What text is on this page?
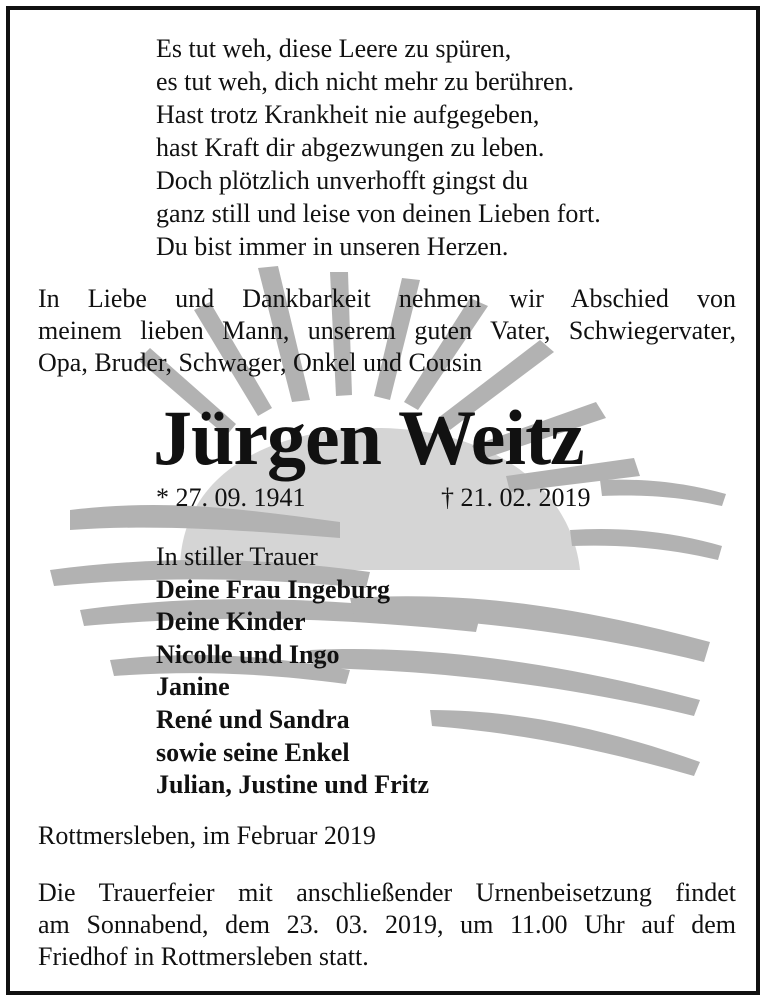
Es tut weh, diese Leere zu spüren,
es tut weh, dich nicht mehr zu berühren.
Hast trotz Krankheit nie aufgegeben,
hast Kraft dir abgezwungen zu leben.
Doch plötzlich unverhofft gingst du
ganz still und leise von deinen Lieben fort.
Du bist immer in unseren Herzen.
In Liebe und Dankbarkeit nehmen wir Abschied von
meinem lieben Mann, unserem guten Vater, Schwiegervater,
Opa, Bruder, Schwager, Onkel und Cousin
Jürgen Weitz
* 27. 09. 1941	† 21. 02. 2019
In stiller Trauer
Deine Frau Ingeburg
Deine Kinder
Nicolle und Ingo
Janine
René und Sandra
sowie seine Enkel
Julian, Justine und Fritz
Rottmersleben, im Februar 2019
Die Trauerfeier mit anschließender Urnenbeisetzung findet
am Sonnabend, dem 23. 03. 2019, um 11.00 Uhr auf dem
Friedhof in Rottmersleben statt.
